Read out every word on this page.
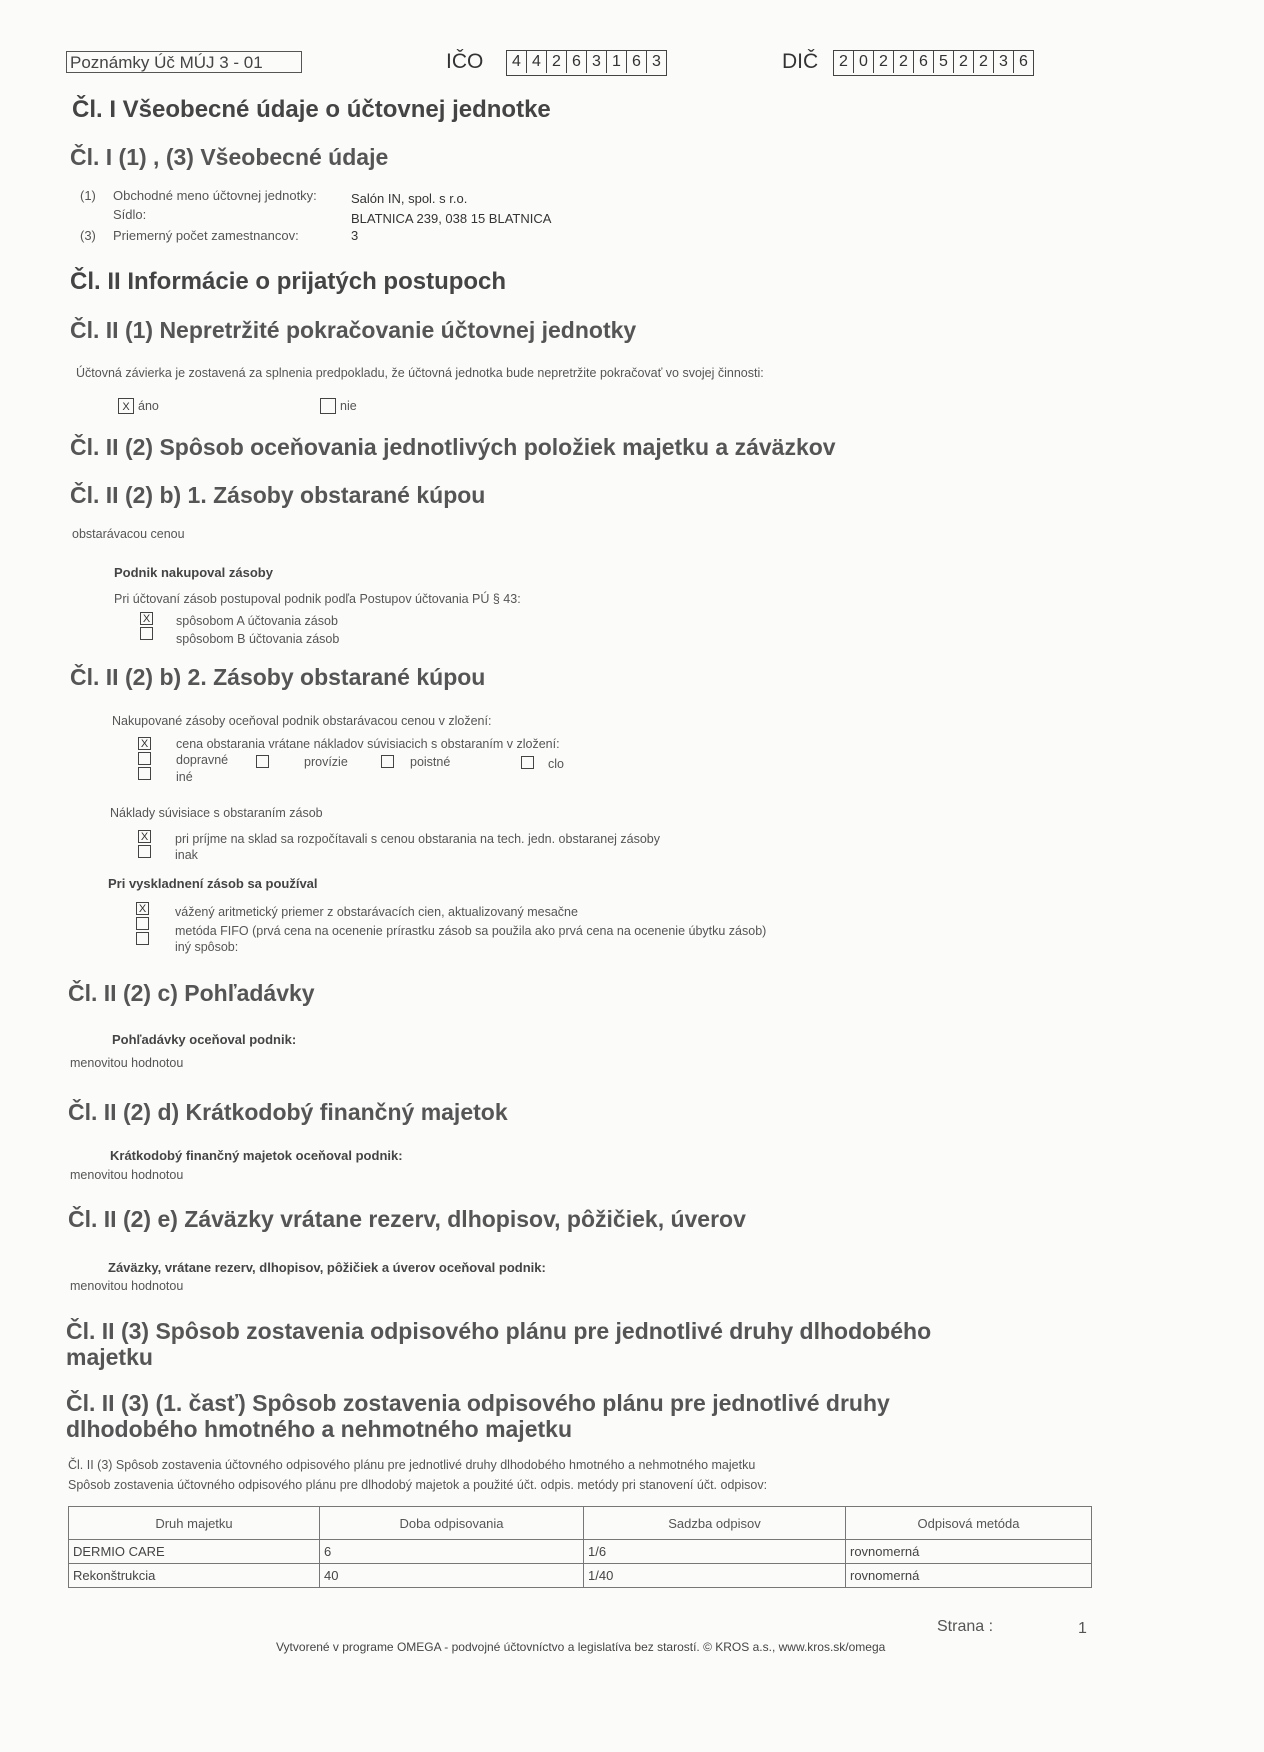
Poznámky Úč MÚJ 3 - 01	IČO	4 4 2 6 3 1 6 3	DIČ	2 0 2 2 6 5 2 2 3 6
Čl. I Všeobecné údaje o účtovnej jednotke
Čl. I (1) , (3) Všeobecné údaje
(1) Obchodné meno účtovnej jednotky:	Salón IN, spol. s r.o.
Sídlo:	BLATNICA 239, 038 15 BLATNICA
(3) Priemerný počet zamestnancov:	3
Čl. II Informácie o prijatých postupoch
Čl. II (1) Nepretržité pokračovanie účtovnej jednotky
Účtovná závierka je zostavená za splnenia predpokladu, že účtovná jednotka bude nepretržite pokračovať vo svojej činnosti:
X áno	nie
Čl. II (2) Spôsob oceňovania jednotlivých položiek majetku a záväzkov
Čl. II (2) b) 1. Zásoby obstarané kúpou
obstarávacou cenou
Podnik nakupoval zásoby
Pri účtovaní zásob postupoval podnik podľa Postupov účtovania PÚ § 43:
X spôsobom A účtovania zásob
spôsobom B účtovania zásob
Čl. II (2) b) 2. Zásoby obstarané kúpou
Nakupované zásoby oceňoval podnik obstarávacou cenou v zložení:
X cena obstarania vrátane nákladov súvisiacich s obstaraním v zložení:
dopravné	provízie	poistné	clo
iné
Náklady súvisiace s obstaraním zásob
X pri príjme na sklad sa rozpočítavali s cenou obstarania na tech. jedn. obstaranej zásoby
inak
Pri vyskladnení zásob sa používal
X vážený aritmetický priemer z obstarávacích cien, aktualizovaný mesačne
metóda FIFO (prvá cena na ocenenie prírastku zásob sa použila ako prvá cena na ocenenie úbytku zásob)
iný spôsob:
Čl. II (2) c) Pohľadávky
Pohľadávky oceňoval podnik:
menovitou hodnotou
Čl. II (2) d) Krátkodobý finančný majetok
Krátkodobý finančný majetok oceňoval podnik:
menovitou hodnotou
Čl. II (2) e) Záväzky vrátane rezerv, dlhopisov, pôžičiek, úverov
Záväzky, vrátane rezerv, dlhopisov, pôžičiek a úverov oceňoval podnik:
menovitou hodnotou
Čl. II (3) Spôsob zostavenia odpisového plánu pre jednotlivé druhy dlhodobého
majetku
Čl. II (3) (1. časť) Spôsob zostavenia odpisového plánu pre jednotlivé druhy
dlhodobého hmotného a nehmotného majetku
Čl. II (3) Spôsob zostavenia účtovného odpisového plánu pre jednotlivé druhy dlhodobého hmotného a nehmotného majetku
Spôsob zostavenia účtovného odpisového plánu pre dlhodobý majetok a použité účt. odpis. metódy pri stanovení účt. odpisov:
Druh majetku	Doba odpisovania	Sadzba odpisov	Odpisová metóda
DERMIO CARE	6	1/6	rovnomerná
Rekonštrukcia	40	1/40	rovnomerná
Strana :	1
Vytvorené v programe OMEGA - podvojné účtovníctvo a legislatíva bez starostí. © KROS a.s., www.kros.sk/omega
